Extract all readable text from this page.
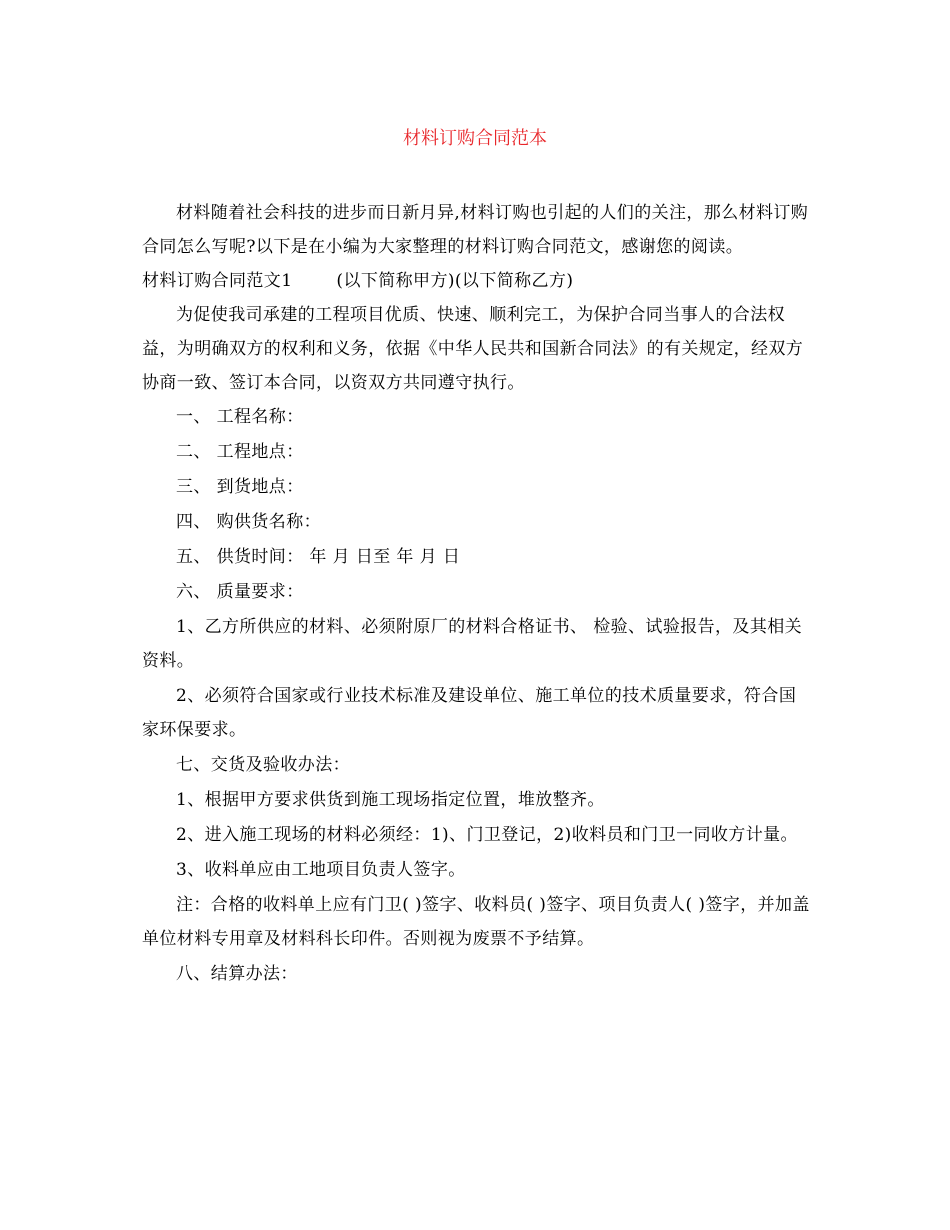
材料订购合同范本

材料随着社会科技的进步而日新月异,材料订购也引起的人们的关注，那么材料订购合同怎么写呢?以下是在小编为大家整理的材料订购合同范文，感谢您的阅读。

材料订购合同范文1	(以下简称甲方)(以下简称乙方)

为促使我司承建的工程项目优质、快速、顺利完工，为保护合同当事人的合法权益，为明确双方的权利和义务，依据《中华人民共和国新合同法》的有关规定，经双方协商一致、签订本合同，以资双方共同遵守执行。

一、 工程名称：

二、 工程地点：

三、 到货地点：

四、 购供货名称：

五、 供货时间： 年 月 日至 年 月 日

六、 质量要求：

1、乙方所供应的材料、必须附原厂的材料合格证书、 检验、试验报告，及其相关资料。

2、必须符合国家或行业技术标准及建设单位、施工单位的技术质量要求，符合国家环保要求。

七、交货及验收办法：

1、根据甲方要求供货到施工现场指定位置，堆放整齐。

2、进入施工现场的材料必须经：1)、门卫登记，2)收料员和门卫一同收方计量。

3、收料单应由工地项目负责人签字。

注：合格的收料单上应有门卫( )签字、收料员( )签字、项目负责人( )签字，并加盖单位材料专用章及材料科长印件。否则视为废票不予结算。

八、结算办法：
